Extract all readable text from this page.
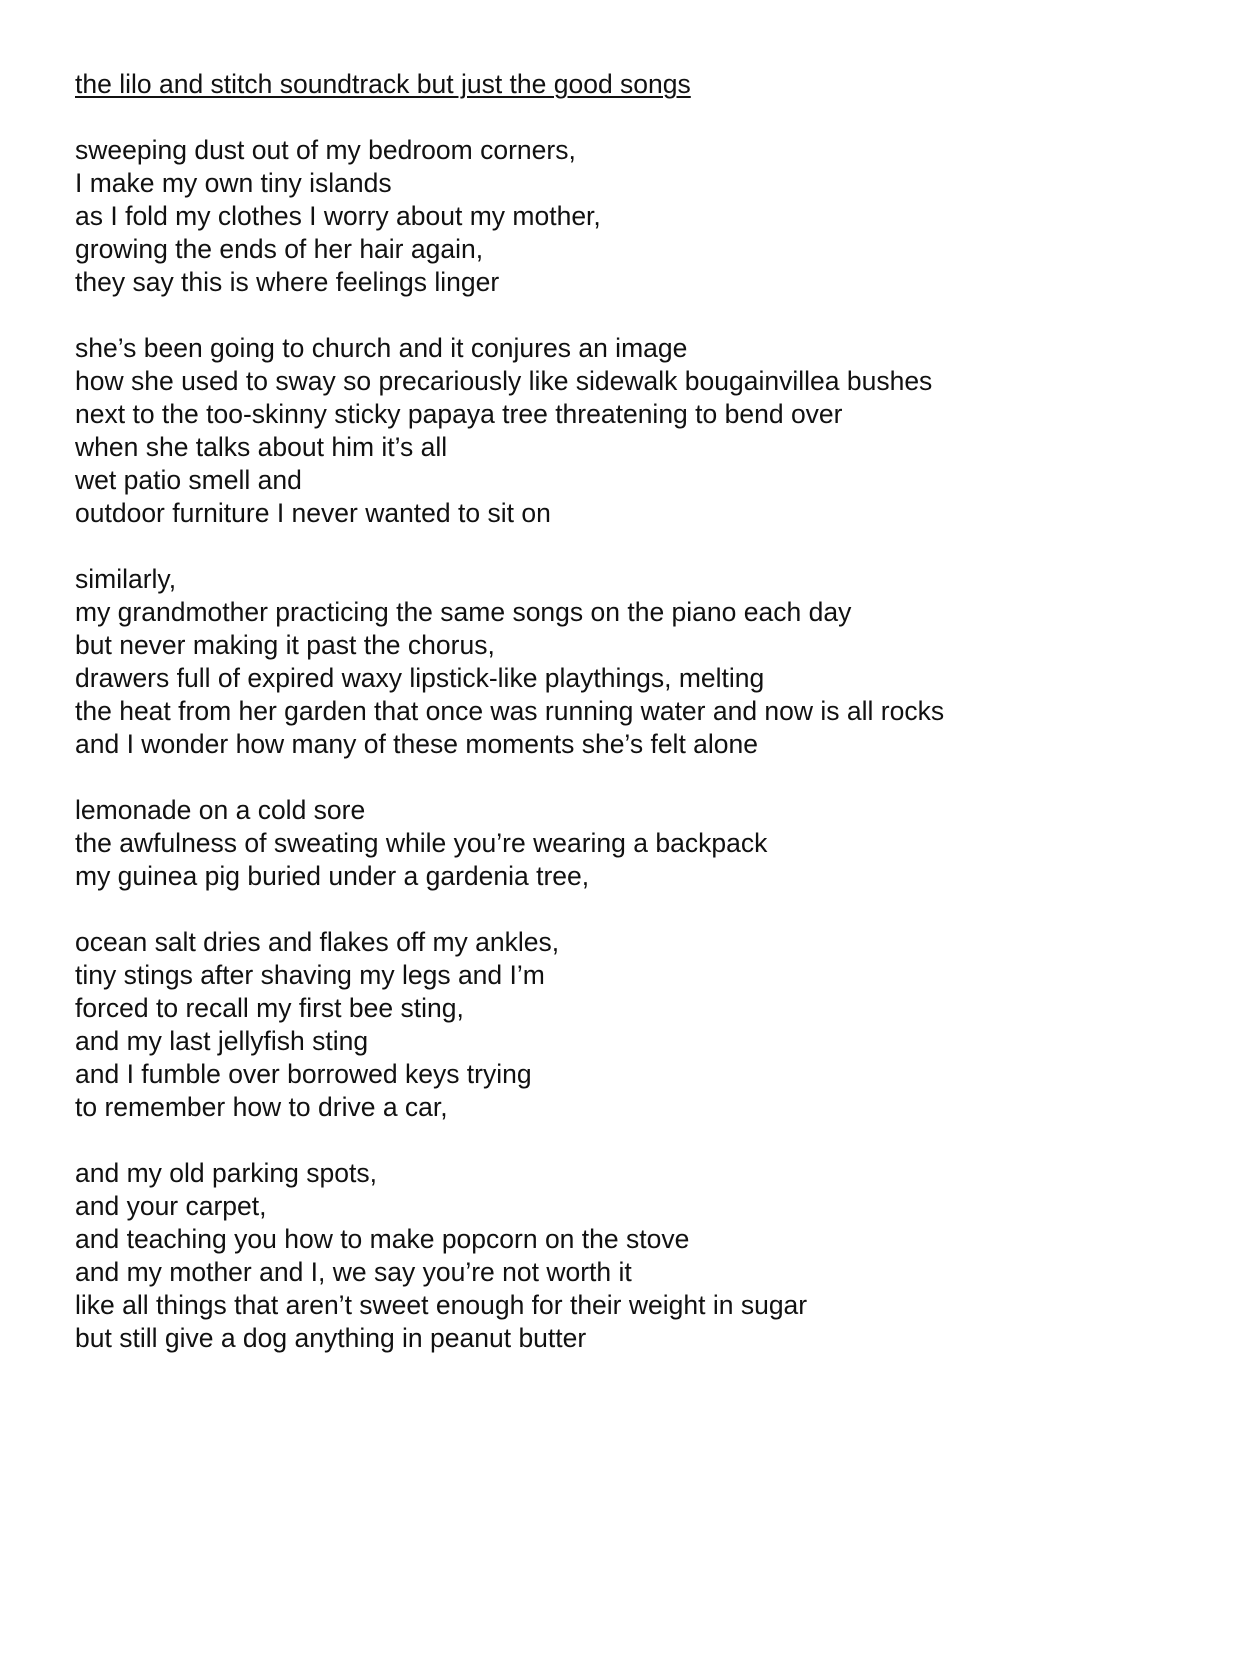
the lilo and stitch soundtrack but just the good songs
sweeping dust out of my bedroom corners,
I make my own tiny islands
as I fold my clothes I worry about my mother,
growing the ends of her hair again,
they say this is where feelings linger
she’s been going to church and it conjures an image
how she used to sway so precariously like sidewalk bougainvillea bushes
next to the too-skinny sticky papaya tree threatening to bend over
when she talks about him it’s all
wet patio smell and
outdoor furniture I never wanted to sit on
similarly,
my grandmother practicing the same songs on the piano each day
but never making it past the chorus,
drawers full of expired waxy lipstick-like playthings, melting
the heat from her garden that once was running water and now is all rocks
and I wonder how many of these moments she’s felt alone
lemonade on a cold sore
the awfulness of sweating while you’re wearing a backpack
my guinea pig buried under a gardenia tree,
ocean salt dries and flakes off my ankles,
tiny stings after shaving my legs and I’m
forced to recall my first bee sting,
and my last jellyfish sting
and I fumble over borrowed keys trying
to remember how to drive a car,
and my old parking spots,
and your carpet,
and teaching you how to make popcorn on the stove
and my mother and I, we say you’re not worth it
like all things that aren’t sweet enough for their weight in sugar
but still give a dog anything in peanut butter
